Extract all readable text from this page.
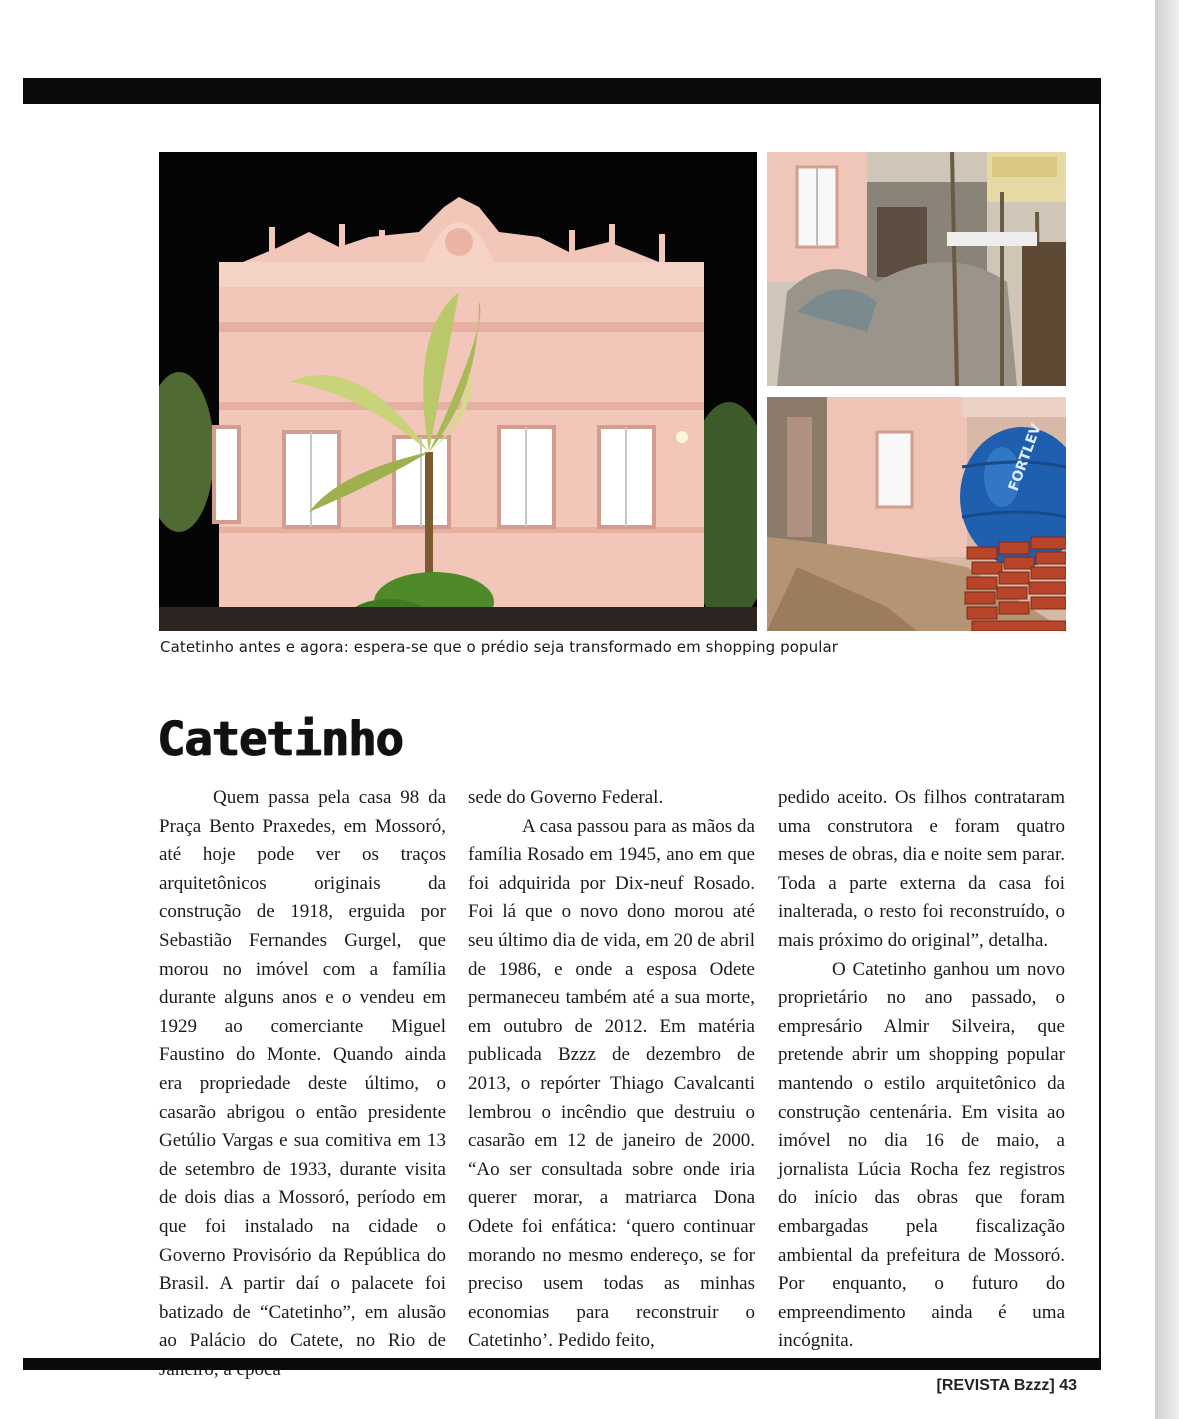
FORTLEV
Catetinho antes e agora: espera-se que o prédio seja transformado em shopping popular
Catetinho

Quem passa pela casa 98 da Praça Bento Praxedes, em Mossoró, até hoje pode ver os traços arquitetônicos originais da construção de 1918, erguida por Sebastião Fernandes Gurgel, que morou no imóvel com a família durante alguns anos e o vendeu em 1929 ao comerciante Miguel Faustino do Monte. Quando ainda era propriedade deste último, o casarão abrigou o então presidente Getúlio Vargas e sua comitiva em 13 de setembro de 1933, durante visita de dois dias a Mossoró, período em que foi instalado na cidade o Governo Provisório da República do Brasil. A partir daí o palacete foi batizado de “Catetinho”, em alusão ao Palácio do Catete, no Rio de

sede do Governo Federal.

A casa passou para as mãos da família Rosado em 1945, ano em que foi adquirida por Dix-neuf Rosado. Foi lá que o novo dono morou até seu último dia de vida, em 20 de abril de 1986, e onde a esposa Odete permaneceu também até a sua morte, em outubro de 2012. Em matéria publicada Bzzz de dezembro de 2013, o repórter Thiago Cavalcanti lembrou o incêndio que destruiu o casarão em 12 de janeiro de 2000. “Ao ser consultada sobre onde iria querer morar, a matriarca Dona Odete foi enfática: ‘quero continuar morando no mesmo endereço, se for preciso usem todas as minhas economias para reconstruir o Catetinho’. Pedido feito,

pedido aceito. Os filhos contrataram uma construtora e foram quatro meses de obras, dia e noite sem parar. Toda a parte externa da casa foi inalterada, o resto foi reconstruído, o mais próximo do original”, detalha.

O Catetinho ganhou um novo proprietário no ano passado, o empresário Almir Silveira, que pretende abrir um shopping popular mantendo o estilo arquitetônico da construção centenária. Em visita ao imóvel no dia 16 de maio, a jornalista Lúcia Rocha fez registros do início das obras que foram embargadas pela fiscalização ambiental da prefeitura de Mossoró. Por enquanto, o futuro do empreendimento ainda é uma incógnita.

[REVISTA Bzzz] 43
